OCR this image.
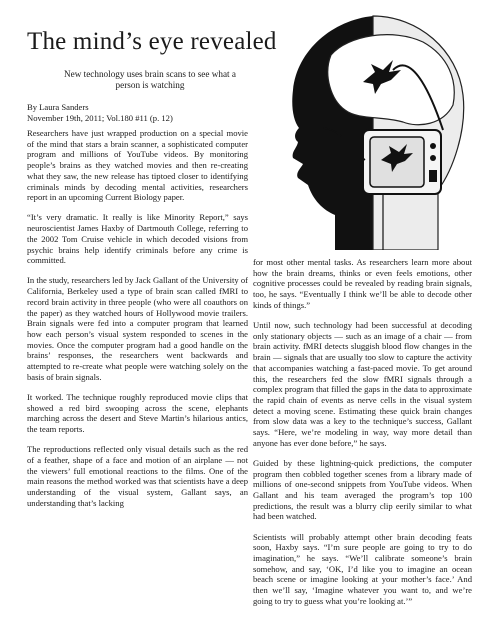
The mind’s eye revealed
New technology uses brain scans to see what a person is watching
By Laura Sanders
November 19th, 2011; Vol.180 #11 (p. 12)

Researchers have just wrapped production on a special movie of the mind that stars a brain scanner, a sophisticated computer program and millions of YouTube videos. By monitoring people’s brains as they watched movies and then re-creating what they saw, the new release has tiptoed closer to identifying criminals minds by decoding mental activities, researchers report in an upcoming Current Biology paper.

“It’s very dramatic. It really is like Minority Report,” says neuroscientist James Haxby of Dartmouth College, referring to the 2002 Tom Cruise vehicle in which decoded visions from psychic brains help identify criminals before any crime is committed.

In the study, researchers led by Jack Gallant of the University of California, Berkeley used a type of brain scan called fMRI to record brain activity in three people (who were all coauthors on the paper) as they watched hours of Hollywood movie trailers. Brain signals were fed into a computer program that learned how each person’s visual system responded to scenes in the movies. Once the computer program had a good handle on the brains’ responses, the researchers went backwards and attempted to re-create what people were watching solely on the basis of brain signals.

It worked. The technique roughly reproduced movie clips that showed a red bird swooping across the scene, elephants marching across the desert and Steve Martin’s hilarious antics, the team reports.

The reproductions reflected only visual details such as the red of a feather, shape of a face and motion of an airplane — not the viewers’ full emotional reactions to the films. One of the main reasons the method worked was that scientists have a deep understanding of the visual system, Gallant says, an understanding that’s lacking

for most other mental tasks. As researchers learn more about how the brain dreams, thinks or even feels emotions, other cognitive processes could be revealed by reading brain signals, too, he says. “Eventually I think we’ll be able to decode other kinds of things.”

Until now, such technology had been successful at decoding only stationary objects — such as an image of a chair — from brain activity. fMRI detects sluggish blood flow changes in the brain — signals that are usually too slow to capture the activity that accompanies watching a fast-paced movie. To get around this, the researchers fed the slow fMRI signals through a complex program that filled the gaps in the data to approximate the rapid chain of events as nerve cells in the visual system detect a moving scene. Estimating these quick brain changes from slow data was a key to the technique’s success, Gallant says. “Here, we’re modeling in way, way more detail than anyone has ever done before,” he says.

Guided by these lightning-quick predictions, the computer program then cobbled together scenes from a library made of millions of one-second snippets from YouTube videos. When Gallant and his team averaged the program’s top 100 predictions, the result was a blurry clip eerily similar to what had been watched.

Scientists will probably attempt other brain decoding feats soon, Haxby says. “I’m sure people are going to try to do imagination,” he says. “We’ll calibrate someone’s brain somehow, and say, ‘OK, I’d like you to imagine an ocean beach scene or imagine looking at your mother’s face.’ And then we’ll say, ‘Imagine whatever you want to, and we’re going to try to guess what you’re looking at.’”
